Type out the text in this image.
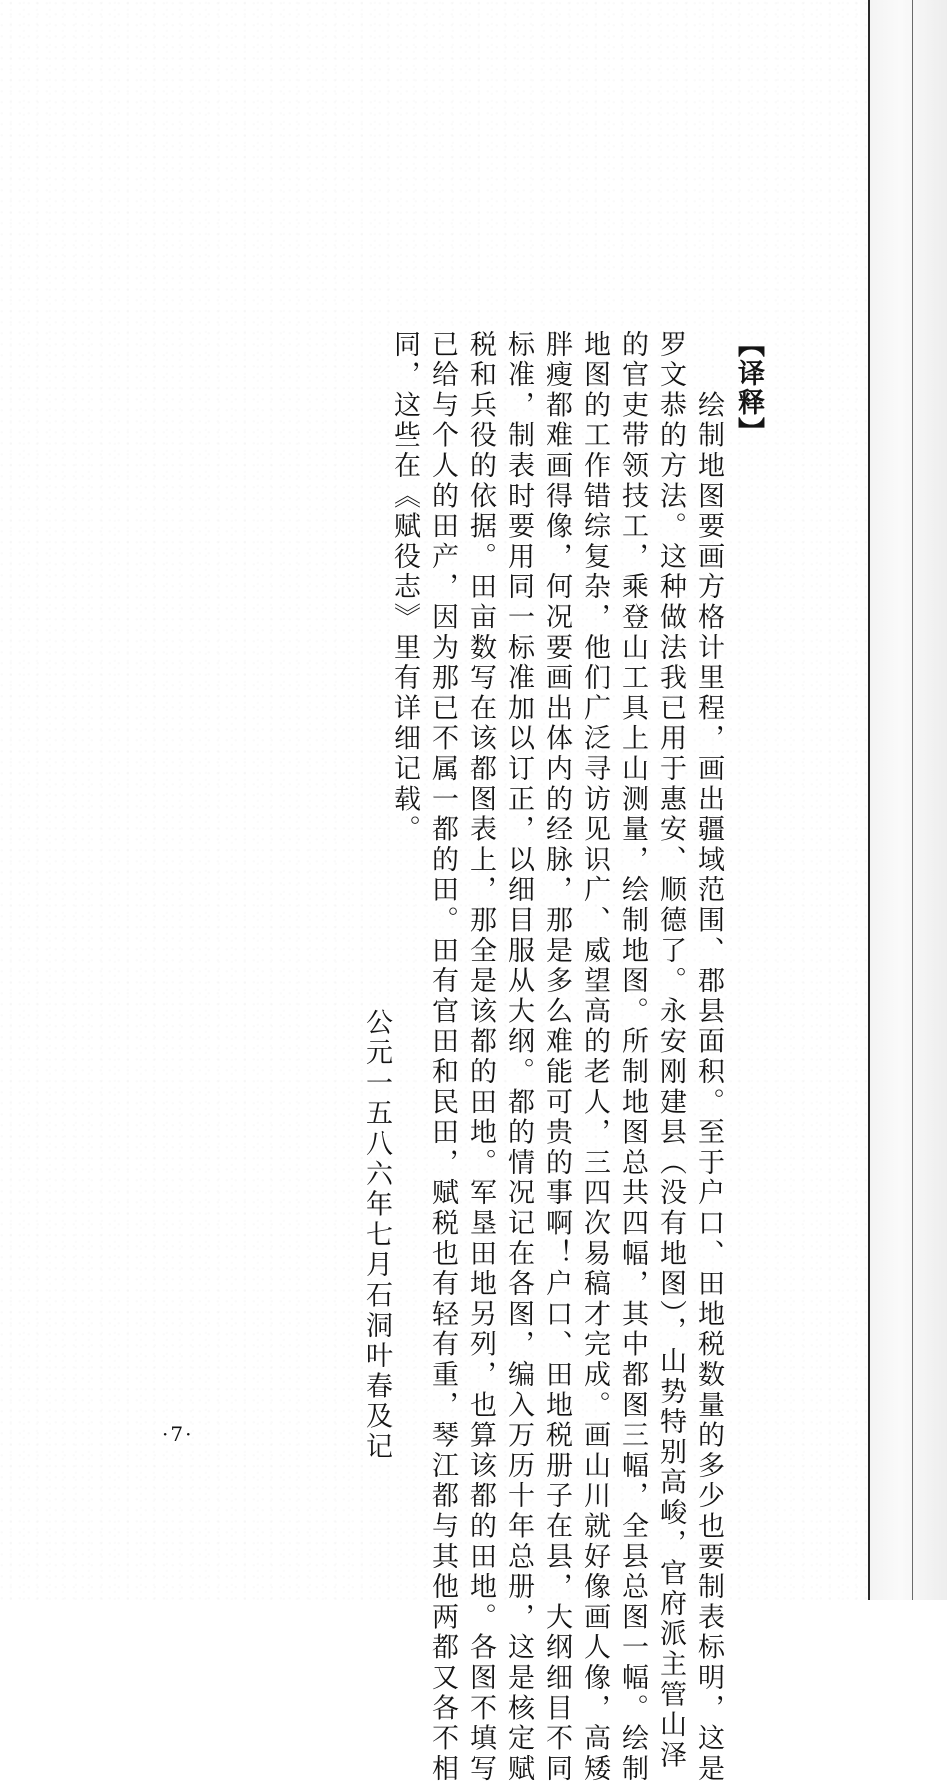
【译释】
　　绘制地图要画方格计里程，画出疆域范围、郡县面积。至于户口、田地税数量的多少也要制表标明，这是
罗文恭的方法。这种做法我已用于惠安、顺德了。永安刚建县（没有地图），山势特别高峻，官府派主管山泽
的官吏带领技工，乘登山工具上山测量，绘制地图。所制地图总共四幅，其中都图三幅，全县总图一幅。绘制
地图的工作错综复杂，他们广泛寻访见识广、威望高的老人，三四次易稿才完成。画山川就好像画人像，高矮
胖瘦都难画得像，何况要画出体内的经脉，那是多么难能可贵的事啊！户口、田地税册子在县，大纲细目不同
标准，制表时要用同一标准加以订正，以细目服从大纲。都的情况记在各图，编入万历十年总册，这是核定赋
税和兵役的依据。田亩数写在该都图表上，那全是该都的田地。军垦田地另列，也算该都的田地。各图不填写
已给与个人的田产，因为那已不属一都的田。田有官田和民田，赋税也有轻有重，琴江都与其他两都又各不相
同，这些在《赋役志》里有详细记载。
公元一五八六年七月石洞叶春及记
·7·
